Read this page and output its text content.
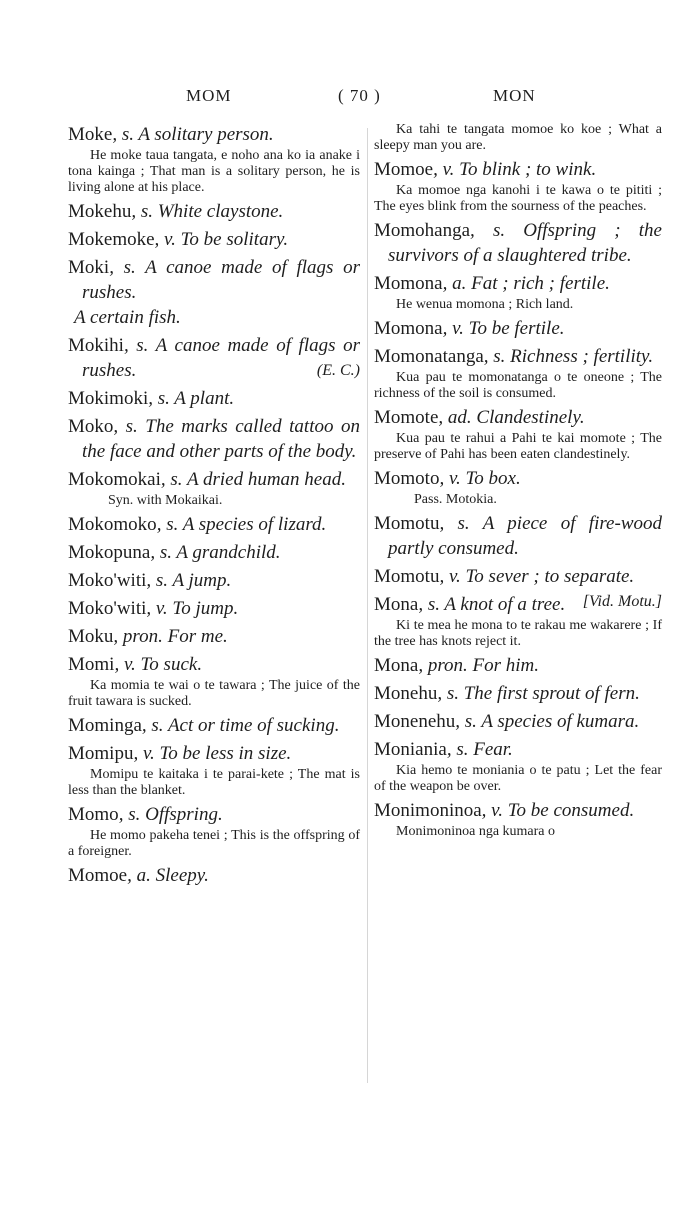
MOM	( 70 )	MON
Moke, s. A solitary person.
He moke taua tangata, e noho ana ko ia anake i tona kainga ; That man is a solitary person, he is living alone at his place.
Mokehu, s. White claystone.
Mokemoke, v. To be solitary.
Moki, s. A canoe made of flags or rushes.
A certain fish.
Mokihi, s. A canoe made of flags or rushes.	(E. C.)
Mokimoki, s. A plant.
Moko, s. The marks called tattoo on the face and other parts of the body.
Mokomokai, s. A dried human head.
Syn. with Mokaikai.
Mokomoko, s. A species of lizard.
Mokopuna, s. A grandchild.
Moko'witi, s. A jump.
Moko'witi, v. To jump.
Moku, pron. For me.
Momi, v. To suck.
Ka momia te wai o te tawara ; The juice of the fruit tawara is sucked.
Mominga, s. Act or time of sucking.
Momipu, v. To be less in size.
Momipu te kaitaka i te parai-kete ; The mat is less than the blanket.
Momo, s. Offspring.
He momo pakeha tenei ; This is the offspring of a foreigner.
Momoe, a. Sleepy.
Ka tahi te tangata momoe ko koe ; What a sleepy man you are.
Momoe, v. To blink ; to wink.
Ka momoe nga kanohi i te kawa o te pititi ; The eyes blink from the sourness of the peaches.
Momohanga, s. Offspring ; the survivors of a slaughtered tribe.
Momona, a. Fat ; rich ; fertile.
He wenua momona ; Rich land.
Momona, v. To be fertile.
Momonatanga, s. Richness ; fertility.
Kua pau te momonatanga o te oneone ; The richness of the soil is consumed.
Momote, ad. Clandestinely.
Kua pau te rahui a Pahi te kai momote ; The preserve of Pahi has been eaten clandestinely.
Momoto, v. To box.
Pass. Motokia.
Momotu, s. A piece of fire-wood partly consumed.
Momotu, v. To sever ; to separate.
[Vid. Motu.]
Mona, s. A knot of a tree.
Ki te mea he mona to te rakau me wakarere ; If the tree has knots reject it.
Mona, pron. For him.
Monehu, s. The first sprout of fern.
Monenehu, s. A species of kumara.
Moniania, s. Fear.
Kia hemo te moniania o te patu ; Let the fear of the weapon be over.
Monimoninoa, v. To be consumed.
Monimoninoa nga kumara o
